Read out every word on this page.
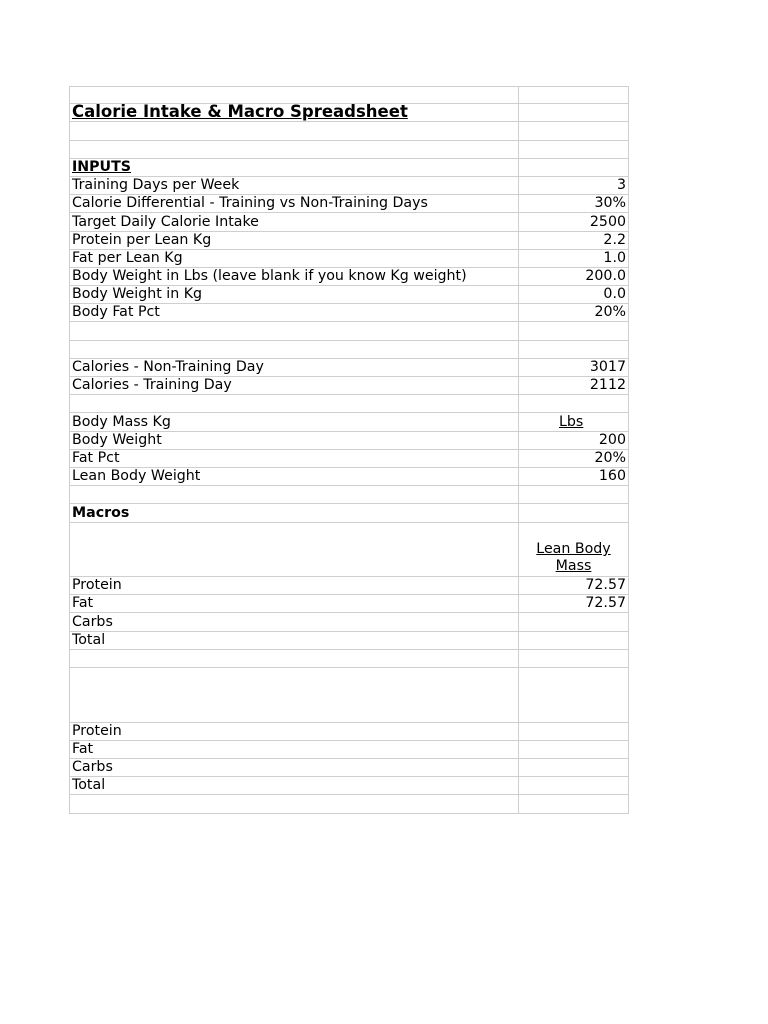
Calorie Intake & Macro Spreadsheet
INPUTS
Training Days per Week	3
Calorie Differential - Training vs Non-Training Days	30%
Target Daily Calorie Intake	2500
Protein per Lean Kg	2.2
Fat per Lean Kg	1.0
Body Weight in Lbs (leave blank if you know Kg weight)	200.0
Body Weight in Kg	0.0
Body Fat Pct	20%
Calories - Non-Training Day	3017
Calories - Training Day	2112
Body Mass Kg	Lbs
Body Weight	200
Fat Pct	20%
Lean Body Weight	160
Macros
Lean Body Mass
Protein	72.57
Fat	72.57
Carbs
Total
Protein
Fat
Carbs
Total
